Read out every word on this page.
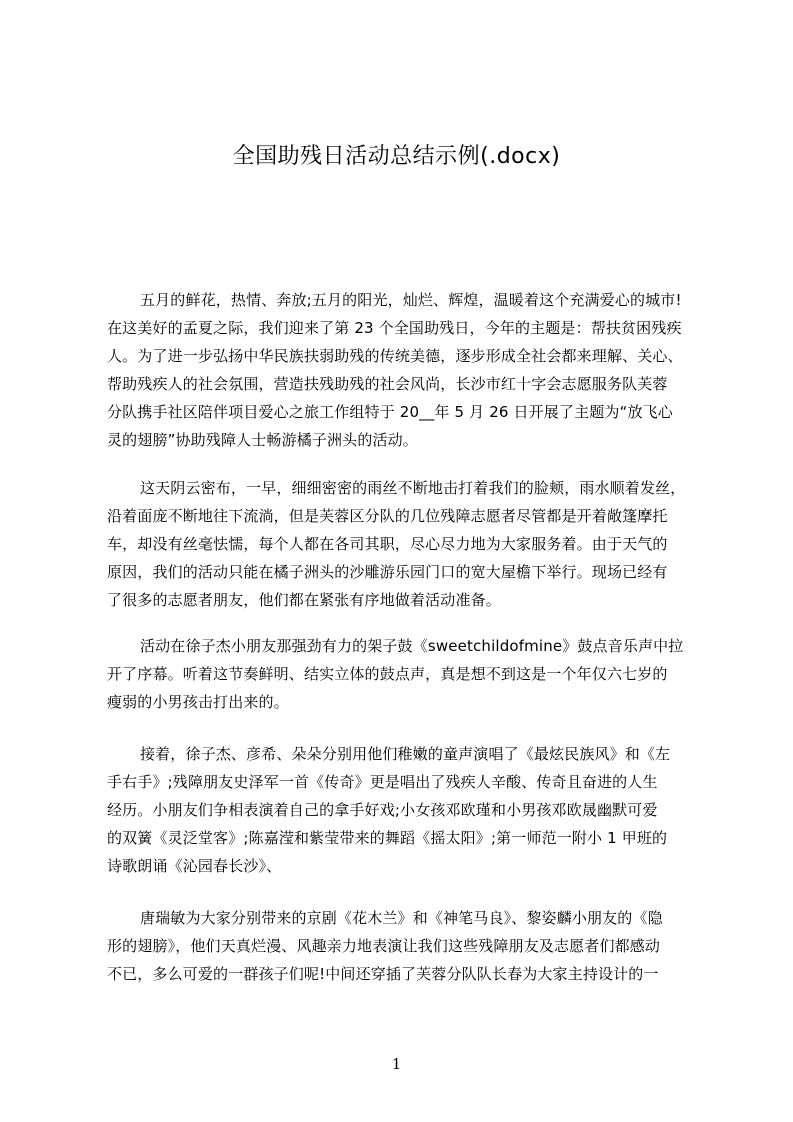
全国助残日活动总结示例(.docx)
五月的鲜花，热情、奔放;五月的阳光，灿烂、辉煌，温暖着这个充满爱心的城市!
在这美好的孟夏之际，我们迎来了第 23 个全国助残日，今年的主题是：帮扶贫困残疾
人。为了进一步弘扬中华民族扶弱助残的传统美德，逐步形成全社会都来理解、关心、
帮助残疾人的社会氛围，营造扶残助残的社会风尚，长沙市红十字会志愿服务队芙蓉
分队携手社区陪伴项目爱心之旅工作组特于 20__年 5 月 26 日开展了主题为“放飞心
灵的翅膀”协助残障人士畅游橘子洲头的活动。
这天阴云密布，一早，细细密密的雨丝不断地击打着我们的脸颊，雨水顺着发丝，
沿着面庞不断地往下流淌，但是芙蓉区分队的几位残障志愿者尽管都是开着敞篷摩托
车，却没有丝毫怯懦，每个人都在各司其职，尽心尽力地为大家服务着。由于天气的
原因，我们的活动只能在橘子洲头的沙雕游乐园门口的宽大屋檐下举行。现场已经有
了很多的志愿者朋友，他们都在紧张有序地做着活动准备。
活动在徐子杰小朋友那强劲有力的架子鼓《sweetchildofmine》鼓点音乐声中拉
开了序幕。听着这节奏鲜明、结实立体的鼓点声，真是想不到这是一个年仅六七岁的
瘦弱的小男孩击打出来的。
接着，徐子杰、彦希、朵朵分别用他们稚嫩的童声演唱了《最炫民族风》和《左
手右手》;残障朋友史泽军一首《传奇》更是唱出了残疾人辛酸、传奇且奋进的人生
经历。小朋友们争相表演着自己的拿手好戏;小女孩邓欧瑾和小男孩邓欧晟幽默可爱
的双簧《灵泛堂客》;陈嘉滢和紫莹带来的舞蹈《摇太阳》;第一师范一附小 1 甲班的
诗歌朗诵《沁园春长沙》、
唐瑞敏为大家分别带来的京剧《花木兰》和《神笔马良》、黎姿麟小朋友的《隐
形的翅膀》，他们天真烂漫、风趣亲力地表演让我们这些残障朋友及志愿者们都感动
不已，多么可爱的一群孩子们呢!中间还穿插了芙蓉分队队长春为大家主持设计的一
1
